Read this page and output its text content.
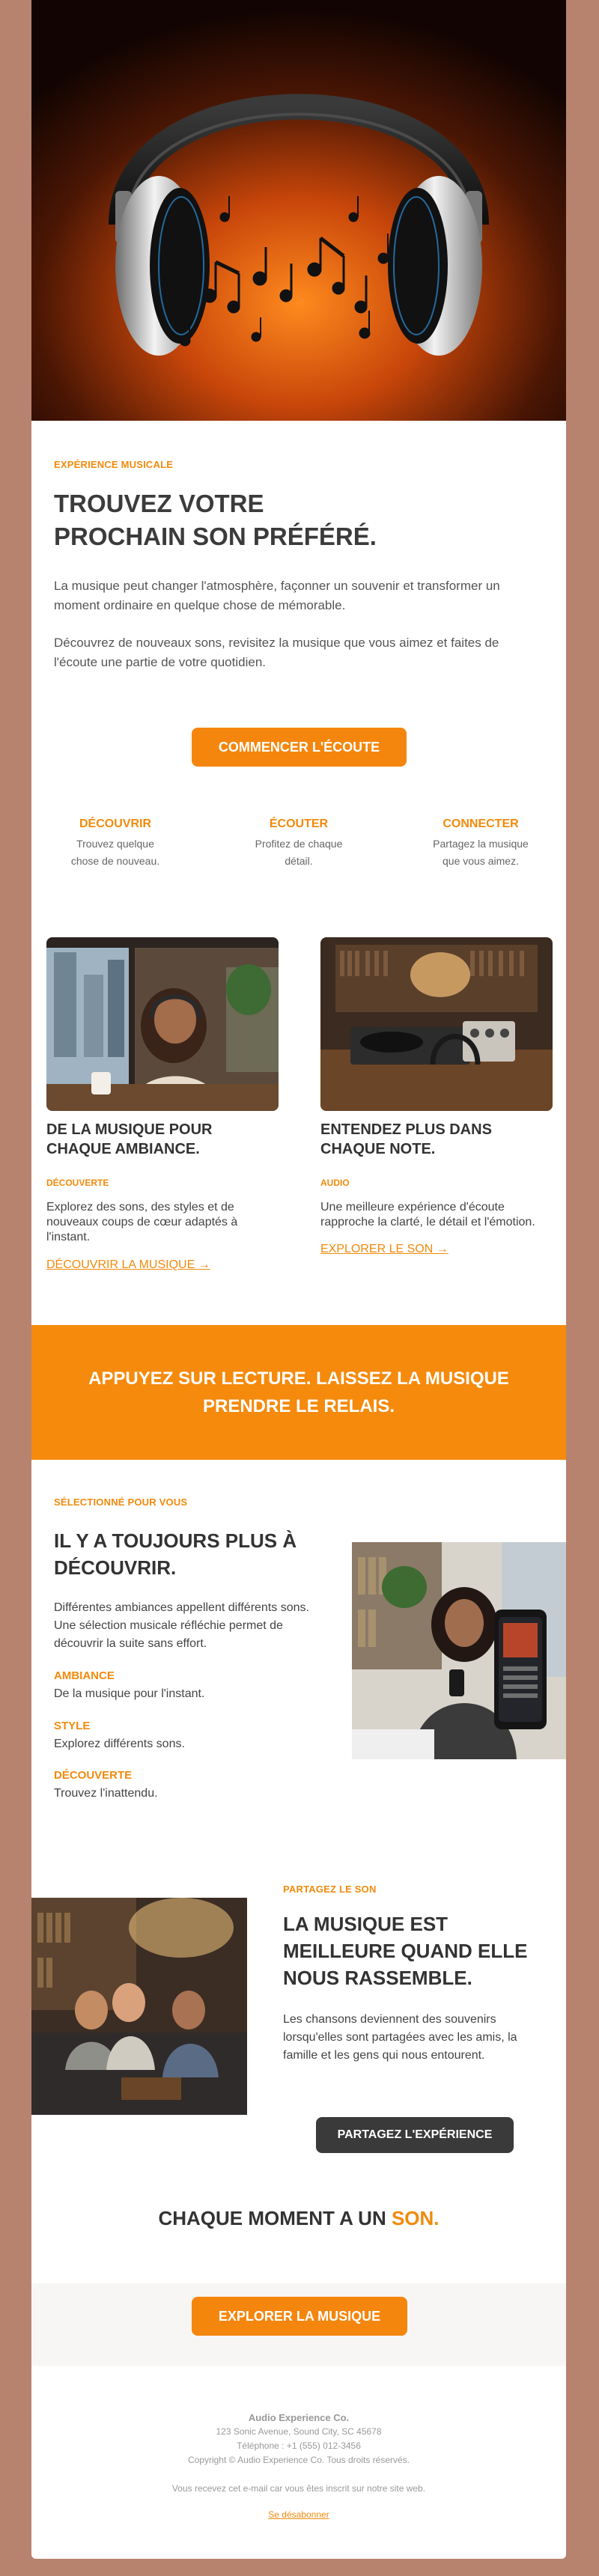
EXPÉRIENCE MUSICALE
TROUVEZ VOTRE
PROCHAIN SON PRÉFÉRÉ.
La musique peut changer l'atmosphère, façonner un souvenir et transformer un moment ordinaire en quelque chose de mémorable.
Découvrez de nouveaux sons, revisitez la musique que vous aimez et faites de l'écoute une partie de votre quotidien.
COMMENCER L'ÉCOUTE
DÉCOUVRIR
Trouvez quelque chose de nouveau.
ÉCOUTER
Profitez de chaque détail.
CONNECTER
Partagez la musique que vous aimez.
DE LA MUSIQUE POUR
CHAQUE AMBIANCE.
DÉCOUVERTE
Explorez des sons, des styles et de nouveaux coups de cœur adaptés à l'instant.
DÉCOUVRIR LA MUSIQUE →
ENTENDEZ PLUS DANS
CHAQUE NOTE.
AUDIO
Une meilleure expérience d'écoute rapproche la clarté, le détail et l'émotion.
EXPLORER LE SON →
APPUYEZ SUR LECTURE. LAISSEZ LA MUSIQUE PRENDRE LE RELAIS.
SÉLECTIONNÉ POUR VOUS
IL Y A TOUJOURS PLUS À
DÉCOUVRIR.
Différentes ambiances appellent différents sons. Une sélection musicale réfléchie permet de découvrir la suite sans effort.
AMBIANCE
De la musique pour l'instant.
STYLE
Explorez différents sons.
DÉCOUVERTE
Trouvez l'inattendu.
PARTAGEZ LE SON
LA MUSIQUE EST
MEILLEURE QUAND ELLE
NOUS RASSEMBLE.
Les chansons deviennent des souvenirs lorsqu'elles sont partagées avec les amis, la famille et les gens qui nous entourent.
PARTAGEZ L'EXPÉRIENCE
CHAQUE MOMENT A UN SON.
EXPLORER LA MUSIQUE
Audio Experience Co.
123 Sonic Avenue, Sound City, SC 45678
Téléphone : +1 (555) 012-3456
Copyright © Audio Experience Co. Tous droits réservés.
Vous recevez cet e-mail car vous êtes inscrit sur notre site web.
Se désabonner
